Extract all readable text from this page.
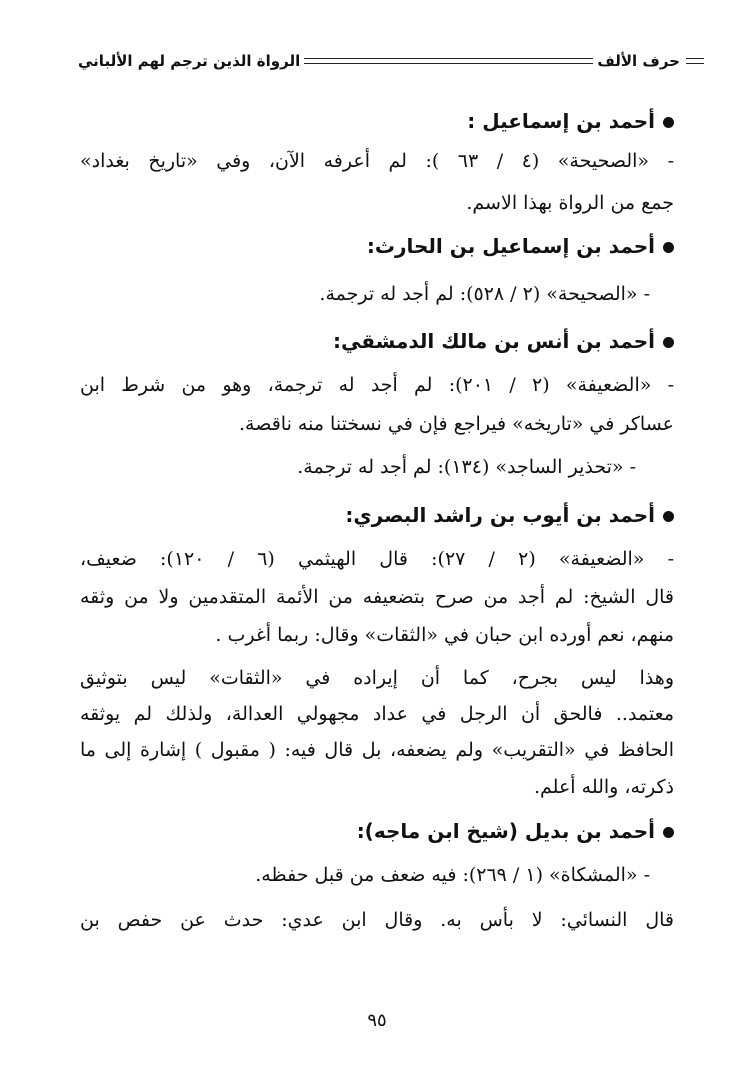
الرواة الذين ترجم لهم الألباني	حرف الألف
أحمد بن إسماعيل :
- «الصحيحة» (٤ / ٦٣ ): لم أعرفه الآن، وفي «تاريخ بغداد»
جمع من الرواة بهذا الاسم.
أحمد بن إسماعيل بن الحارث:
- «الصحيحة» (٢ / ٥٢٨): لم أجد له ترجمة.
أحمد بن أنس بن مالك الدمشقي:
- «الضعيفة» (٢ / ٢٠١): لم أجد له ترجمة، وهو من شرط ابن
عساكر في «تاريخه» فيراجع فإن في نسختنا منه ناقصة.
- «تحذير الساجد» (١٣٤): لم أجد له ترجمة.
أحمد بن أيوب بن راشد البصري:
- «الضعيفة» (٢ / ٢٧): قال الهيثمي (٦ / ١٢٠): ضعيف،
قال الشيخ: لم أجد من صرح بتضعيفه من الأئمة المتقدمين ولا من وثقه
منهم، نعم أورده ابن حبان في «الثقات» وقال: ربما أغرب .
وهذا ليس بجرح، كما أن إيراده في «الثقات» ليس بتوثيق
معتمد.. فالحق أن الرجل في عداد مجهولي العدالة، ولذلك لم يوثقه
الحافظ في «التقريب» ولم يضعفه، بل قال فيه: ( مقبول ) إشارة إلى ما
ذكرته، والله أعلم.
أحمد بن بديل (شيخ ابن ماجه):
- «المشكاة» (١ / ٢٦٩): فيه ضعف من قبل حفظه.
قال النسائي: لا بأس به. وقال ابن عدي: حدث عن حفص بن
٩٥
